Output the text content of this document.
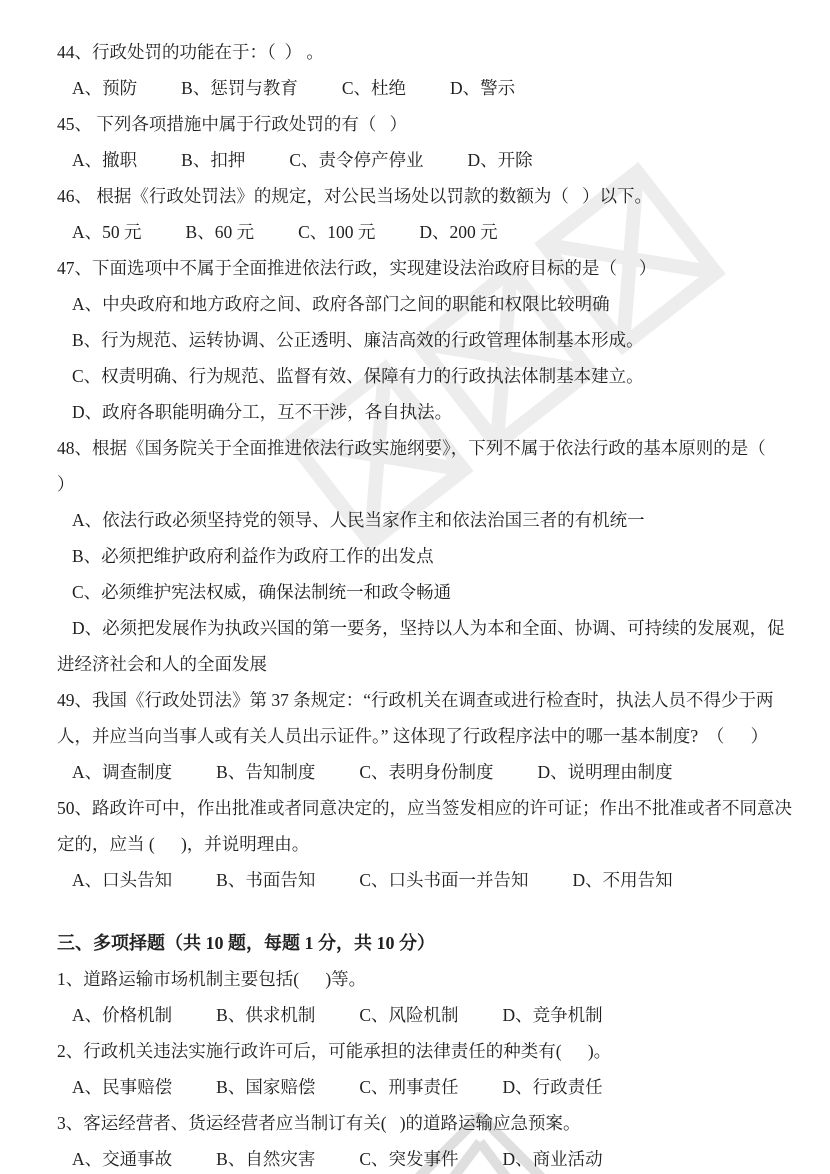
44、行政处罚的功能在于：（  ） 。

A、预防	B、惩罚与教育	C、杜绝	D、警示

45、 下列各项措施中属于行政处罚的有（   ）

A、撤职	B、扣押	C、责令停产停业	D、开除

46、 根据《行政处罚法》的规定，对公民当场处以罚款的数额为（   ）以下。

A、50 元	B、60 元	C、100 元	D、200 元

47、下面选项中不属于全面推进依法行政，实现建设法治政府目标的是（     ）

A、中央政府和地方政府之间、政府各部门之间的职能和权限比较明确

B、行为规范、运转协调、公正透明、廉洁高效的行政管理体制基本形成。

C、权责明确、行为规范、监督有效、保障有力的行政执法体制基本建立。

D、政府各职能明确分工，互不干涉，各自执法。

48、根据《国务院关于全面推进依法行政实施纲要》，下列不属于依法行政的基本原则的是（      ）

A、依法行政必须坚持党的领导、人民当家作主和依法治国三者的有机统一

B、必须把维护政府利益作为政府工作的出发点

C、必须维护宪法权威，确保法制统一和政令畅通

D、必须把发展作为执政兴国的第一要务，坚持以人为本和全面、协调、可持续的发展观，促进经济社会和人的全面发展

49、我国《行政处罚法》第 37 条规定：“行政机关在调查或进行检查时，执法人员不得少于两人，并应当向当事人或有关人员出示证件。” 这体现了行政程序法中的哪一基本制度?  （      ）

A、调查制度	B、告知制度	C、表明身份制度	D、说明理由制度

50、路政许可中，作出批准或者同意决定的，应当签发相应的许可证；作出不批准或者不同意决定的，应当 (      )，并说明理由。

A、口头告知	B、书面告知	C、口头书面一并告知	D、不用告知
三、多项择题（共 10 题，每题 1 分，共 10 分）

1、道路运输市场机制主要包括(      )等。

A、价格机制	B、供求机制	C、风险机制	D、竞争机制

2、行政机关违法实施行政许可后，可能承担的法律责任的种类有(      )。

A、民事赔偿	B、国家赔偿	C、刑事责任	D、行政责任

3、客运经营者、货运经营者应当制订有关(   )的道路运输应急预案。

A、交通事故	B、自然灾害	C、突发事件	D、商业活动
